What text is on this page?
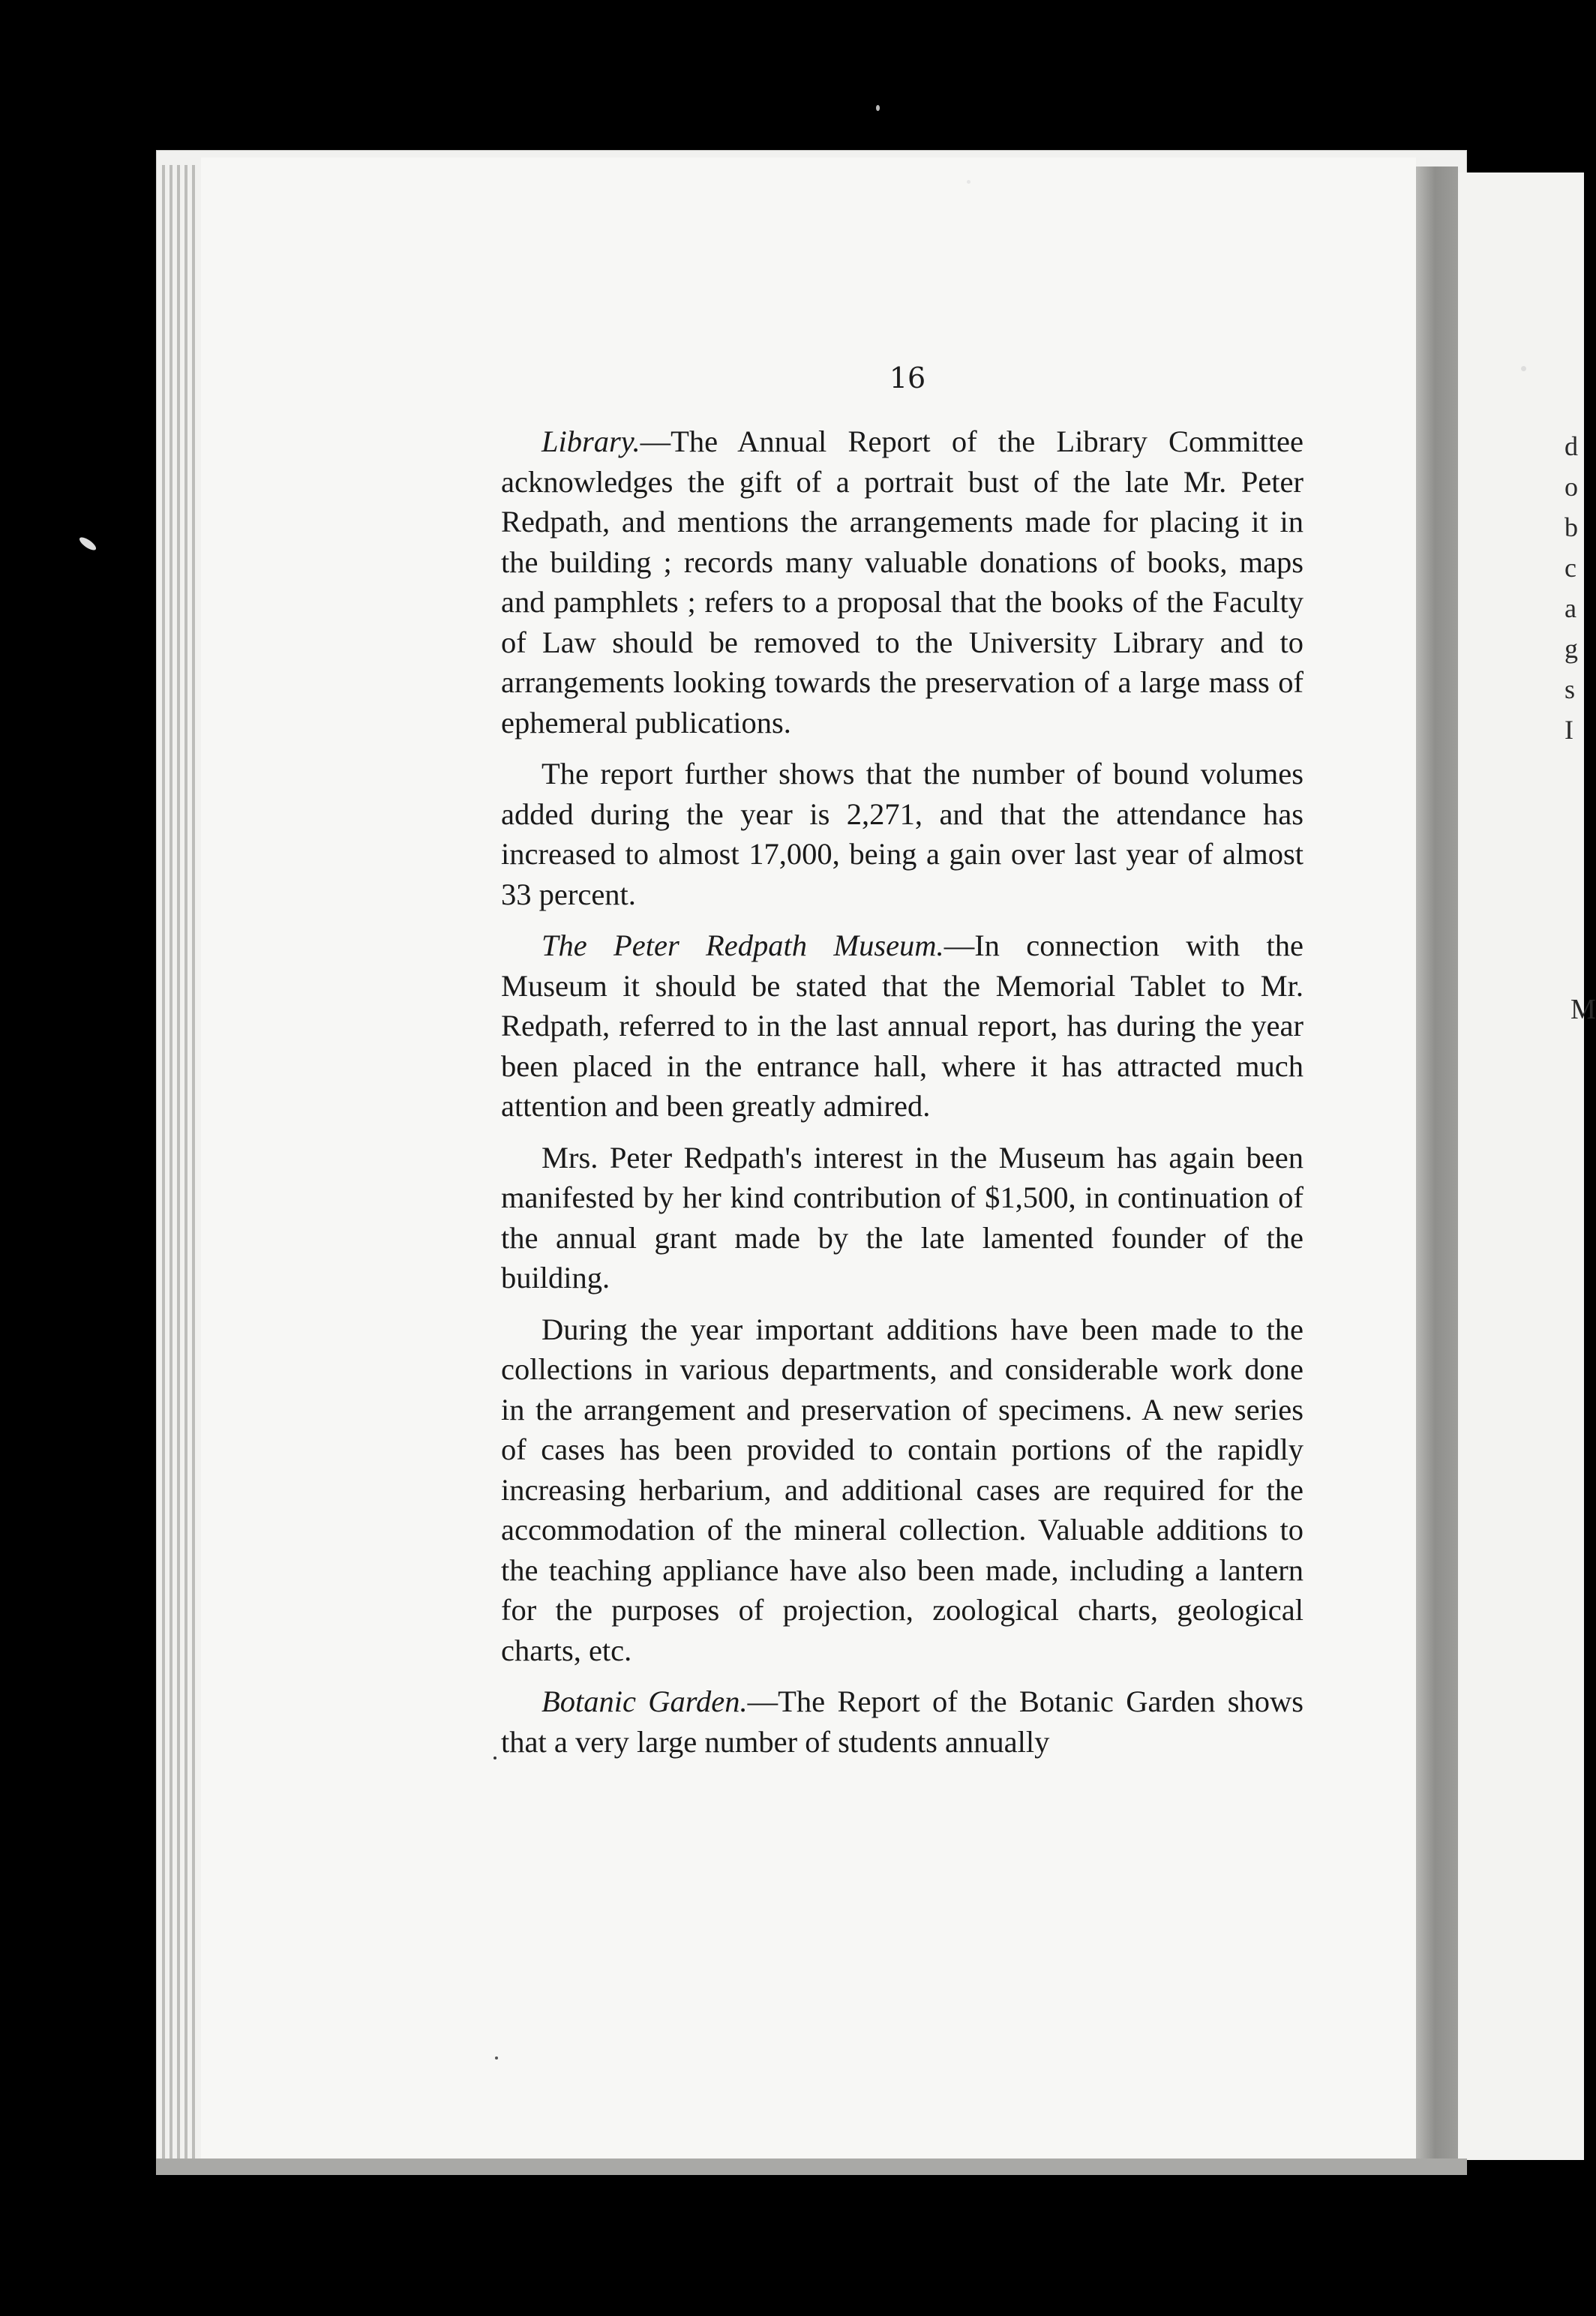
16

Library.—The Annual Report of the Library Committee acknowledges the gift of a portrait bust of the late Mr. Peter Redpath, and mentions the arrangements made for placing it in the building ; records many valuable donations of books, maps and pamphlets ; refers to a proposal that the books of the Faculty of Law should be removed to the University Library and to arrangements looking towards the preservation of a large mass of ephemeral publications.

The report further shows that the number of bound volumes added during the year is 2,271, and that the attendance has increased to almost 17,000, being a gain over last year of almost 33 percent.

The Peter Redpath Museum.—In connection with the Museum it should be stated that the Memorial Tablet to Mr. Redpath, referred to in the last annual report, has during the year been placed in the entrance hall, where it has attracted much attention and been greatly admired.

Mrs. Peter Redpath's interest in the Museum has again been manifested by her kind contribution of $1,500, in continuation of the annual grant made by the late lamented founder of the building.

During the year important additions have been made to the collections in various departments, and considerable work done in the arrangement and preservation of specimens. A new series of cases has been provided to contain portions of the rapidly increasing herbarium, and additional cases are required for the accommodation of the mineral collection. Valuable additions to the teaching appliance have also been made, including a lantern for the purposes of projection, zoological charts, geological charts, etc.

Botanic Garden.—The Report of the Botanic Garden shows that a very large number of students annually

d
o
b
c
a
g
s
I
M
